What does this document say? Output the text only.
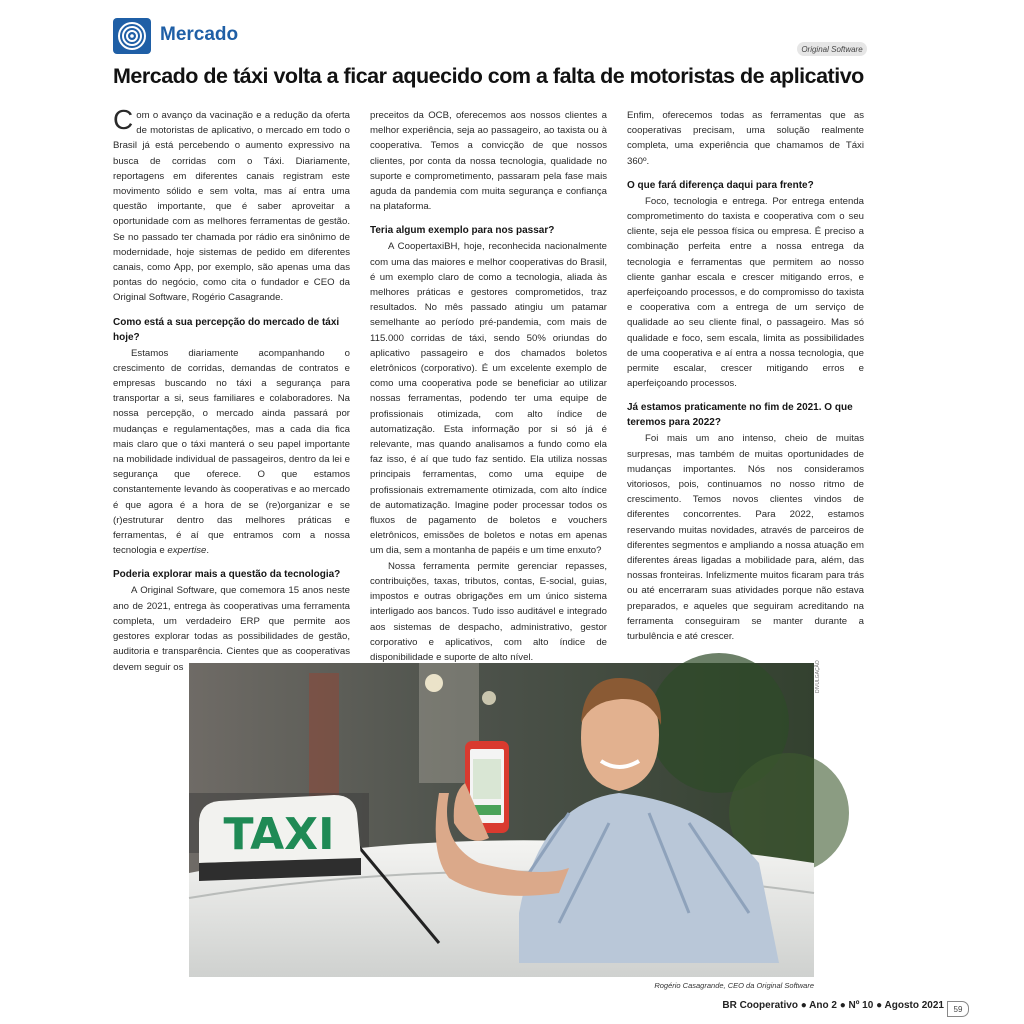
Mercado
Original Software
Mercado de táxi volta a ficar aquecido com a falta de motoristas de aplicativo

Com o avanço da vacinação e a redução da oferta de motoristas de aplicativo, o mercado em todo o Brasil já está percebendo o aumento expressivo na busca de corridas com o Táxi. Diariamente, reportagens em diferentes canais registram este movimento sólido e sem volta, mas aí entra uma questão importante, que é saber aproveitar a oportunidade com as melhores ferramentas de gestão. Se no passado ter chamada por rádio era sinônimo de modernidade, hoje sistemas de pedido em diferentes canais, como App, por exemplo, são apenas uma das pontas do negócio, como cita o fundador e CEO da Original Software, Rogério Casagrande.

Como está a sua percepção do mercado de táxi hoje?

Estamos diariamente acompanhando o crescimento de corridas, demandas de contratos e empresas buscando no táxi a segurança para transportar a si, seus familiares e colaboradores. Na nossa percepção, o mercado ainda passará por mudanças e regulamentações, mas a cada dia fica mais claro que o táxi manterá o seu papel importante na mobilidade individual de passageiros, dentro da lei e segurança que oferece. O que estamos constantemente levando às cooperativas e ao mercado é que agora é a hora de se (re)organizar e se (r)estruturar dentro das melhores práticas e ferramentas, é aí que entramos com a nossa tecnologia e expertise.

Poderia explorar mais a questão da tecnologia?

A Original Software, que comemora 15 anos neste ano de 2021, entrega às cooperativas uma ferramenta completa, um verdadeiro ERP que permite aos gestores explorar todas as possibilidades de gestão, auditoria e transparência. Cientes que as cooperativas devem seguir os

preceitos da OCB, oferecemos aos nossos clientes a melhor experiência, seja ao passageiro, ao taxista ou à cooperativa. Temos a convicção de que nossos clientes, por conta da nossa tecnologia, qualidade no suporte e comprometimento, passaram pela fase mais aguda da pandemia com muita segurança e confiança na plataforma.

Teria algum exemplo para nos passar?

A CoopertaxiBH, hoje, reconhecida nacionalmente com uma das maiores e melhor cooperativas do Brasil, é um exemplo claro de como a tecnologia, aliada às melhores práticas e gestores comprometidos, traz resultados. No mês passado atingiu um patamar semelhante ao período pré-pandemia, com mais de 115.000 corridas de táxi, sendo 50% oriundas do aplicativo passageiro e dos chamados boletos eletrônicos (corporativo). É um excelente exemplo de como uma cooperativa pode se beneficiar ao utilizar nossas ferramentas, podendo ter uma equipe de profissionais otimizada, com alto índice de automatização. Esta informação por si só já é relevante, mas quando analisamos a fundo como ela faz isso, é aí que tudo faz sentido. Ela utiliza nossas principais ferramentas, como uma equipe de profissionais extremamente otimizada, com alto índice de automatização. Imagine poder processar todos os fluxos de pagamento de boletos e vouchers eletrônicos, emissões de boletos e notas em apenas um dia, sem a montanha de papéis e um time enxuto?

Nossa ferramenta permite gerenciar repasses, contribuições, taxas, tributos, contas, E-social, guias, impostos e outras obrigações em um único sistema interligado aos bancos. Tudo isso auditável e integrado aos sistemas de despacho, administrativo, gestor corporativo e aplicativos, com alto índice de disponibilidade e suporte de alto nível.

Enfim, oferecemos todas as ferramentas que as cooperativas precisam, uma solução realmente completa, uma experiência que chamamos de Táxi 360º.

O que fará diferença daqui para frente?

Foco, tecnologia e entrega. Por entrega entenda comprometimento do taxista e cooperativa com o seu cliente, seja ele pessoa física ou empresa. É preciso a combinação perfeita entre a nossa entrega da tecnologia e ferramentas que permitem ao nosso cliente ganhar escala e crescer mitigando erros, e aperfeiçoando processos, e do compromisso do taxista e cooperativa com a entrega de um serviço de qualidade ao seu cliente final, o passageiro. Mas só qualidade e foco, sem escala, limita as possibilidades de uma cooperativa e aí entra a nossa tecnologia, que permite escalar, crescer mitigando erros e aperfeiçoando processos.

Já estamos praticamente no fim de 2021. O que teremos para 2022?

Foi mais um ano intenso, cheio de muitas surpresas, mas também de muitas oportunidades de mudanças importantes. Nós nos consideramos vitoriosos, pois, continuamos no nosso ritmo de crescimento. Temos novos clientes vindos de diferentes concorrentes. Para 2022, estamos reservando muitas novidades, através de parceiros de diferentes segmentos e ampliando a nossa atuação em diferentes áreas ligadas a mobilidade para, além, das nossas fronteiras. Infelizmente muitos ficaram para trás ou até encerraram suas atividades porque não estava preparados, e aqueles que seguiram acreditando na ferramenta conseguiram se manter durante a turbulência e até crescer.

TAXI
DIVULGAÇÃO
Rogério Casagrande, CEO da Original Software
BR Cooperativo ● Ano 2 ● Nº 10 ● Agosto 2021	59
